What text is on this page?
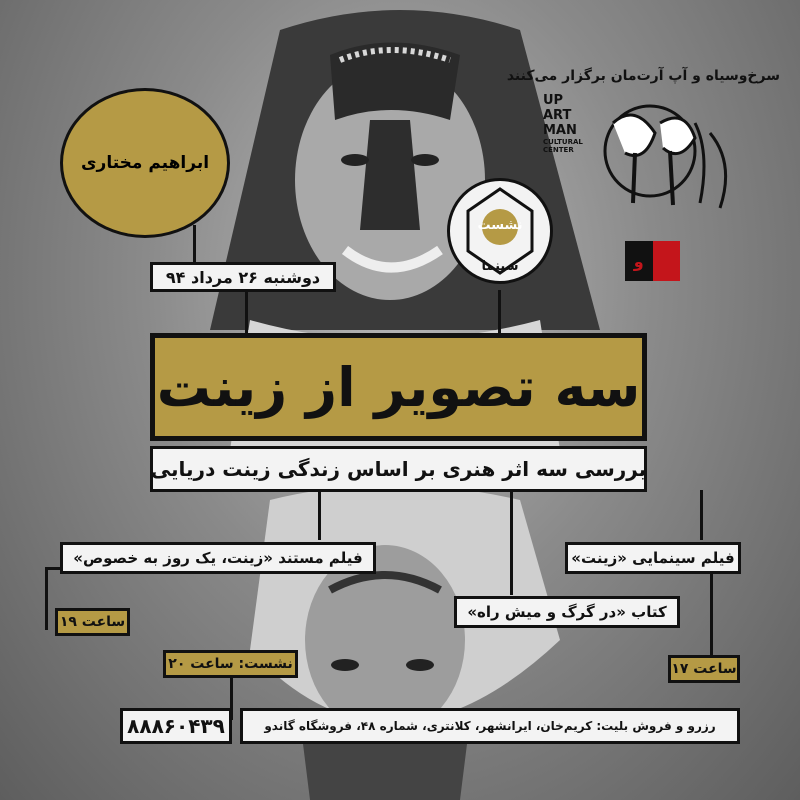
ابراهیم مختاری
سرخ‌وسیاه و آپ آرت‌مان برگزار می‌کنند
UP
ART
MAN
CULTURAL CENTER
و
نشست
سینما
دوشنبه ۲۶ مرداد ۹۴
سه تصویر از زینت
بررسی سه اثر هنری بر اساس زندگی زینت دریایی
فیلم مستند «زینت، یک روز به خصوص»
ساعت ۱۹
فیلم سینمایی «زینت»
ساعت ۱۷
کتاب «در گرگ و میش راه»
نشست: ساعت ۲۰
۸۸۸۶۰۴۳۹	رزرو و فروش بلیت: کریم‌خان، ایرانشهر، کلانتری، شماره ۴۸، فروشگاه گاندو
